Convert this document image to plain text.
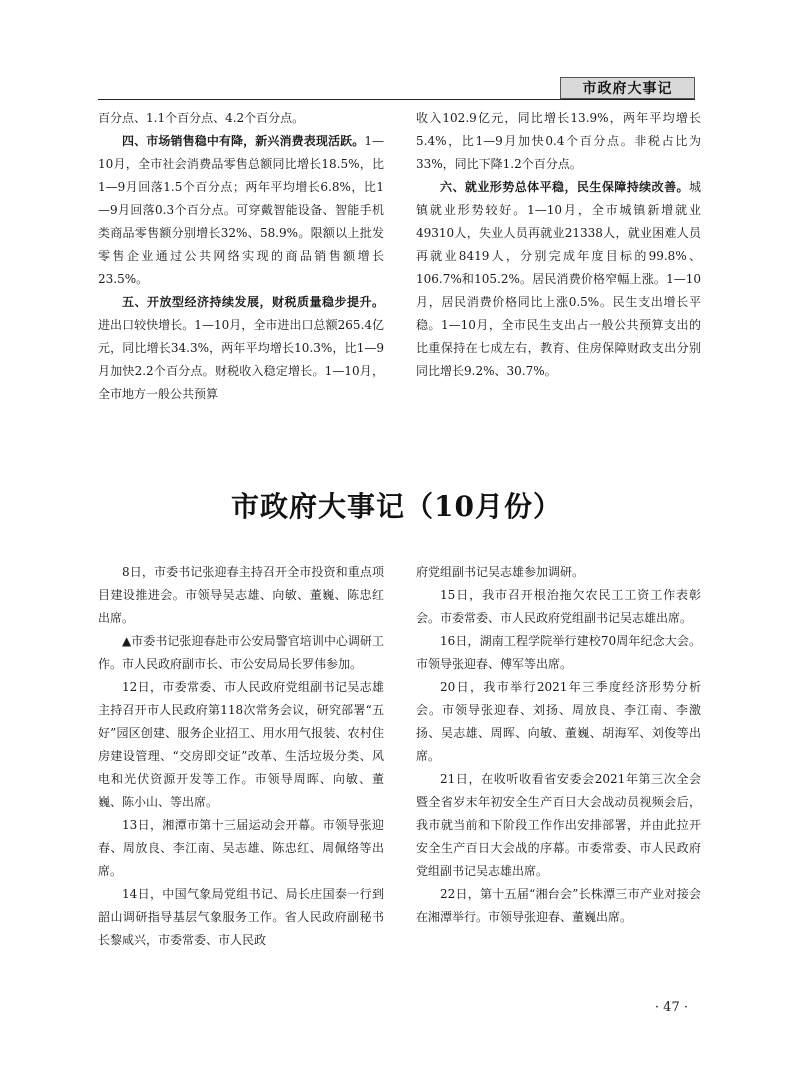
市政府大事记

百分点、1.1个百分点、4.2个百分点。

四、市场销售稳中有降，新兴消费表现活跃。1—10月，全市社会消费品零售总额同比增长18.5%，比1—9月回落1.5个百分点；两年平均增长6.8%，比1—9月回落0.3个百分点。可穿戴智能设备、智能手机类商品零售额分别增长32%、58.9%。限额以上批发零售企业通过公共网络实现的商品销售额增长23.5%。

五、开放型经济持续发展，财税质量稳步提升。进出口较快增长。1—10月，全市进出口总额265.4亿元，同比增长34.3%，两年平均增长10.3%，比1—9月加快2.2个百分点。财税收入稳定增长。1—10月，全市地方一般公共预算

收入102.9亿元，同比增长13.9%，两年平均增长5.4%，比1—9月加快0.4个百分点。非税占比为33%，同比下降1.2个百分点。

六、就业形势总体平稳，民生保障持续改善。城镇就业形势较好。1—10月，全市城镇新增就业49310人，失业人员再就业21338人，就业困难人员再就业8419人，分别完成年度目标的99.8%、106.7%和105.2%。居民消费价格窄幅上涨。1—10月，居民消费价格同比上涨0.5%。民生支出增长平稳。1—10月，全市民生支出占一般公共预算支出的比重保持在七成左右，教育、住房保障财政支出分别同比增长9.2%、30.7%。

市政府大事记（10月份）

8日，市委书记张迎春主持召开全市投资和重点项目建设推进会。市领导吴志雄、向敏、董巍、陈忠红出席。

▲市委书记张迎春赴市公安局警官培训中心调研工作。市人民政府副市长、市公安局局长罗伟参加。

12日，市委常委、市人民政府党组副书记吴志雄主持召开市人民政府第118次常务会议，研究部署“五好”园区创建、服务企业招工、用水用气报装、农村住房建设管理、“交房即交证”改革、生活垃圾分类、风电和光伏资源开发等工作。市领导周晖、向敏、董巍、陈小山、等出席。

13日，湘潭市第十三届运动会开幕。市领导张迎春、周放良、李江南、吴志雄、陈忠红、周佩络等出席。

14日，中国气象局党组书记、局长庄国泰一行到韶山调研指导基层气象服务工作。省人民政府副秘书长黎咸兴，市委常委、市人民政

府党组副书记吴志雄参加调研。

15日，我市召开根治拖欠农民工工资工作表彰会。市委常委、市人民政府党组副书记吴志雄出席。

16日，湖南工程学院举行建校70周年纪念大会。市领导张迎春、傅军等出席。

20日，我市举行2021年三季度经济形势分析会。市领导张迎春、刘扬、周放良、李江南、李激扬、吴志雄、周晖、向敏、董巍、胡海军、刘俊等出席。

21日，在收听收看省安委会2021年第三次全会暨全省岁末年初安全生产百日大会战动员视频会后，我市就当前和下阶段工作作出安排部署，并由此拉开安全生产百日大会战的序幕。市委常委、市人民政府党组副书记吴志雄出席。

22日，第十五届“湘台会”长株潭三市产业对接会在湘潭举行。市领导张迎春、董巍出席。

· 47 ·
